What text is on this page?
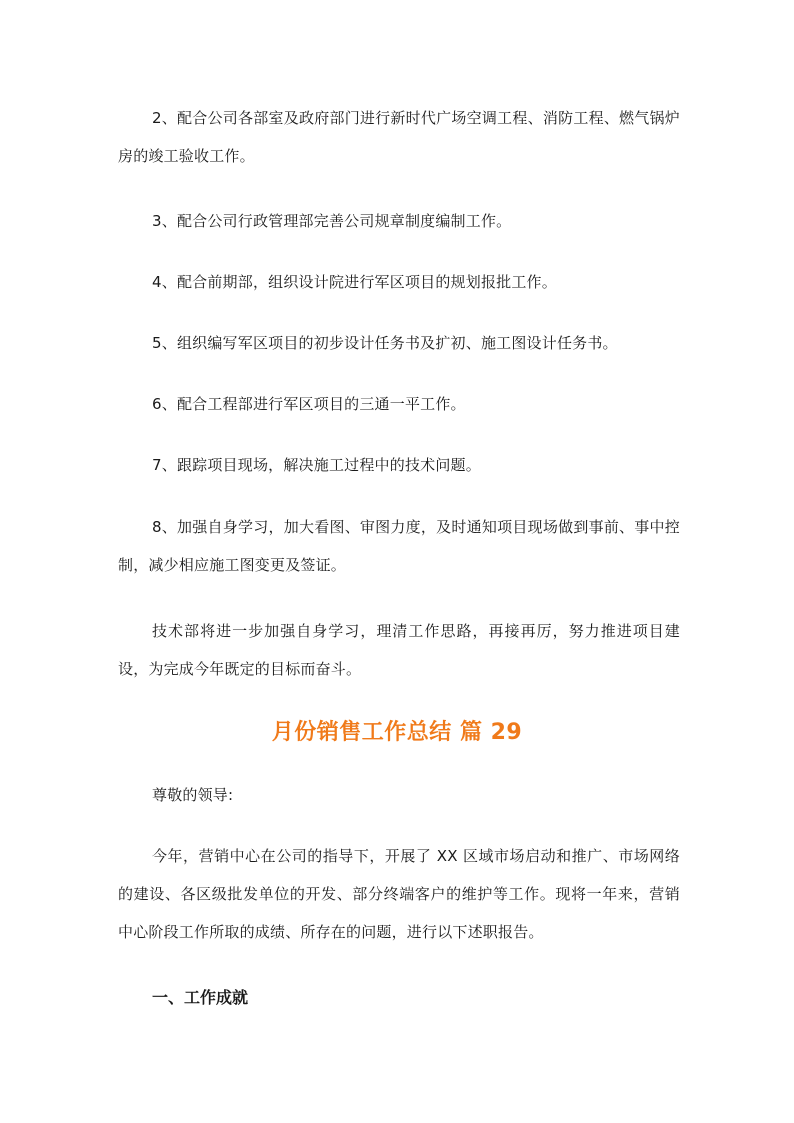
2、配合公司各部室及政府部门进行新时代广场空调工程、消防工程、燃气锅炉房的竣工验收工作。

3、配合公司行政管理部完善公司规章制度编制工作。

4、配合前期部，组织设计院进行军区项目的规划报批工作。

5、组织编写军区项目的初步设计任务书及扩初、施工图设计任务书。

6、配合工程部进行军区项目的三通一平工作。

7、跟踪项目现场，解决施工过程中的技术问题。

8、加强自身学习，加大看图、审图力度，及时通知项目现场做到事前、事中控制，减少相应施工图变更及签证。

技术部将进一步加强自身学习，理清工作思路，再接再厉，努力推进项目建设，为完成今年既定的目标而奋斗。

月份销售工作总结 篇 29

尊敬的领导:

今年，营销中心在公司的指导下，开展了 XX 区域市场启动和推广、市场网络的建设、各区级批发单位的开发、部分终端客户的维护等工作。现将一年来，营销中心阶段工作所取的成绩、所存在的问题，进行以下述职报告。

一、工作成就
